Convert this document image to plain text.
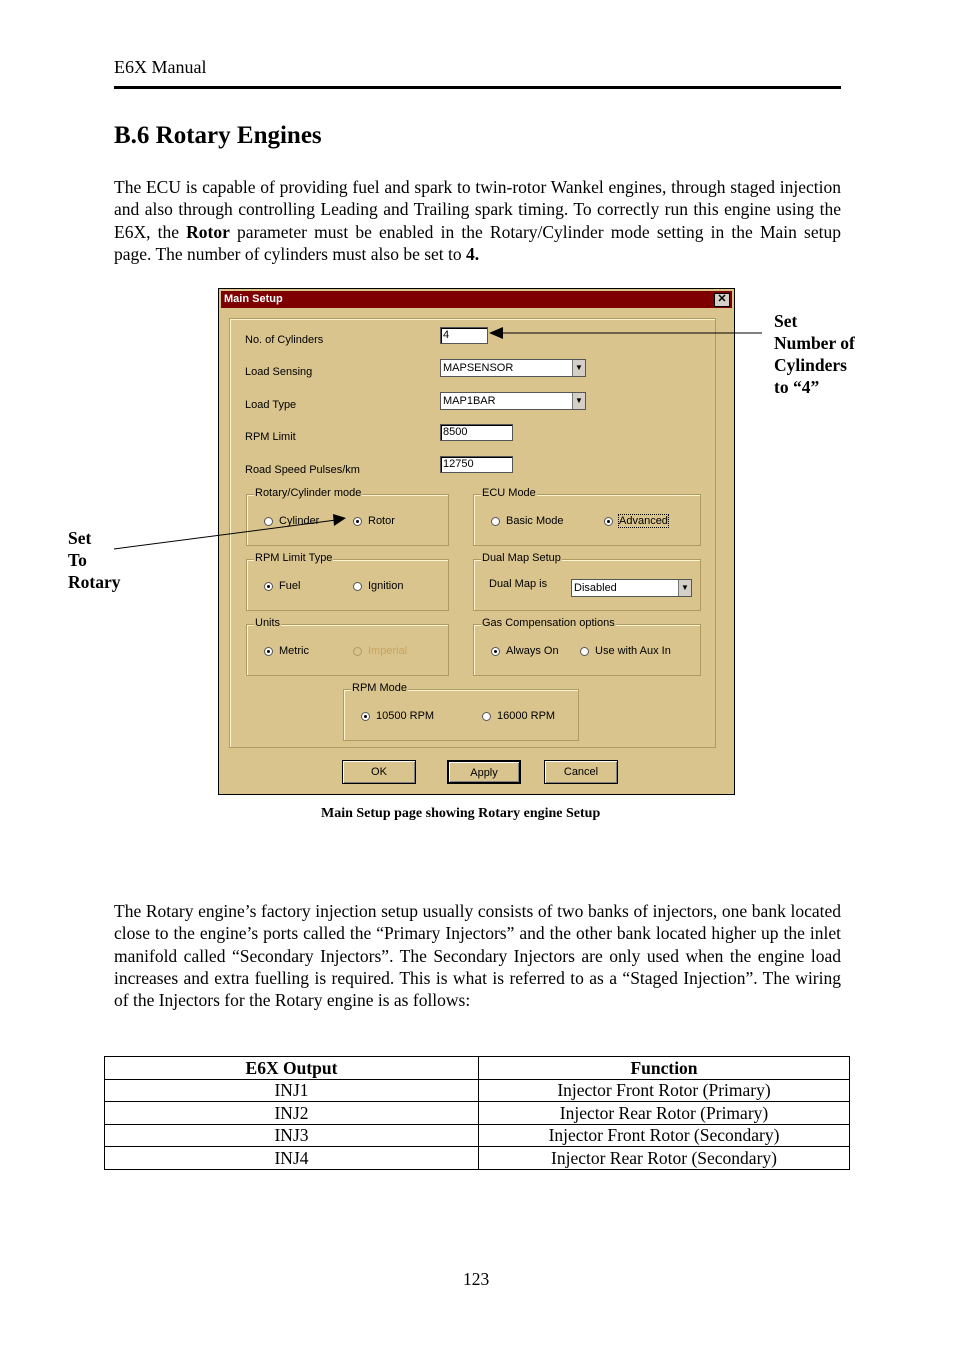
E6X Manual
B.6 Rotary Engines
The ECU is capable of providing fuel and spark to twin-rotor Wankel engines, through staged injection and also through controlling Leading and Trailing spark timing. To correctly run this engine using the E6X, the Rotor parameter must be enabled in the Rotary/Cylinder mode setting in the Main setup page. The number of cylinders must also be set to 4.
Main Setup	✕
No. of Cylinders	4
Load Sensing	MAPSENSOR	▼
Load Type	MAP1BAR	▼
RPM Limit	8500
Road Speed Pulses/km	12750
Rotary/Cylinder mode
Cylinder	Rotor
ECU Mode
Basic Mode	Advanced
RPM Limit Type
Fuel	Ignition
Dual Map Setup
Dual Map is Disabled	▼
Units
Metric	Imperial
Gas Compensation options
Always On	Use with Aux In
RPM Mode
10500 RPM	16000 RPM
OK	Apply	Cancel
Set
Number of
Cylinders
to “4”
Set
To
Rotary
Main Setup page showing Rotary engine Setup
The Rotary engine’s factory injection setup usually consists of two banks of injectors, one bank located close to the engine’s ports called the “Primary Injectors” and the other bank located higher up the inlet manifold called “Secondary Injectors”. The Secondary Injectors are only used when the engine load increases and extra fuelling is required. This is what is referred to as a “Staged Injection”. The wiring of the Injectors for the Rotary engine is as follows:
E6X Output	Function
INJ1	Injector Front Rotor (Primary)
INJ2	Injector Rear Rotor (Primary)
INJ3	Injector Front Rotor (Secondary)
INJ4	Injector Rear Rotor (Secondary)
123
